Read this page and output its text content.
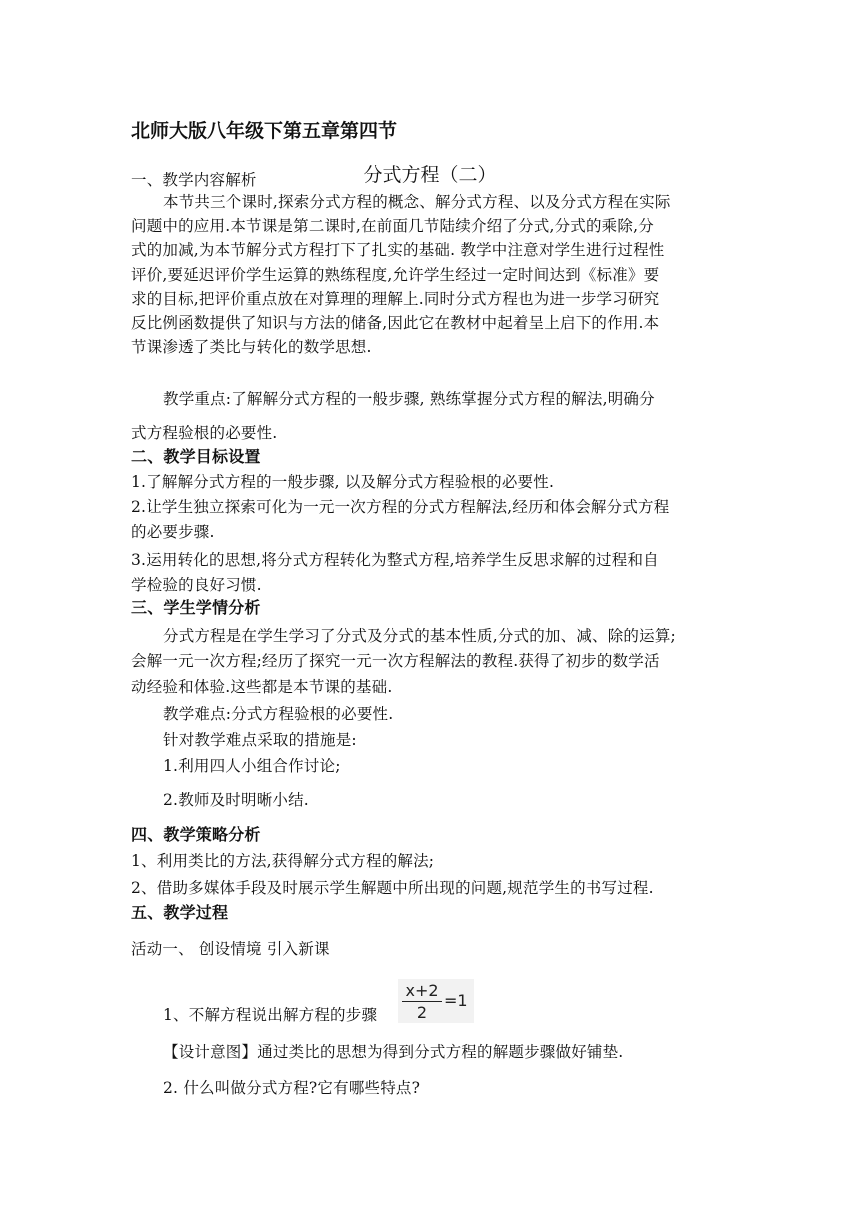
北师大版八年级下第五章第四节
分式方程（二）
一、教学内容解析
本节共三个课时,探索分式方程的概念、解分式方程、以及分式方程在实际
问题中的应用.本节课是第二课时,在前面几节陆续介绍了分式,分式的乘除,分
式的加减,为本节解分式方程打下了扎实的基础. 教学中注意对学生进行过程性
评价,要延迟评价学生运算的熟练程度,允许学生经过一定时间达到《标准》要
求的目标,把评价重点放在对算理的理解上.同时分式方程也为进一步学习研究
反比例函数提供了知识与方法的储备,因此它在教材中起着呈上启下的作用.本
节课渗透了类比与转化的数学思想.
教学重点:了解解分式方程的一般步骤, 熟练掌握分式方程的解法,明确分
式方程验根的必要性.
二、教学目标设置
1.了解解分式方程的一般步骤, 以及解分式方程验根的必要性.
2.让学生独立探索可化为一元一次方程的分式方程解法,经历和体会解分式方程
的必要步骤.
3.运用转化的思想,将分式方程转化为整式方程,培养学生反思求解的过程和自
学检验的良好习惯.
三、学生学情分析
分式方程是在学生学习了分式及分式的基本性质,分式的加、减、除的运算;
会解一元一次方程;经历了探究一元一次方程解法的教程.获得了初步的数学活
动经验和体验.这些都是本节课的基础.
教学难点:分式方程验根的必要性.
针对教学难点采取的措施是:
1.利用四人小组合作讨论;
2.教师及时明晰小结.
四、教学策略分析
1、利用类比的方法,获得解分式方程的解法;
2、借助多媒体手段及时展示学生解题中所出现的问题,规范学生的书写过程.
五、教学过程
活动一、 创设情境 引入新课
1、不解方程说出解方程的步骤
x+2
2
=1
【设计意图】通过类比的思想为得到分式方程的解题步骤做好铺垫.
2. 什么叫做分式方程?它有哪些特点?
